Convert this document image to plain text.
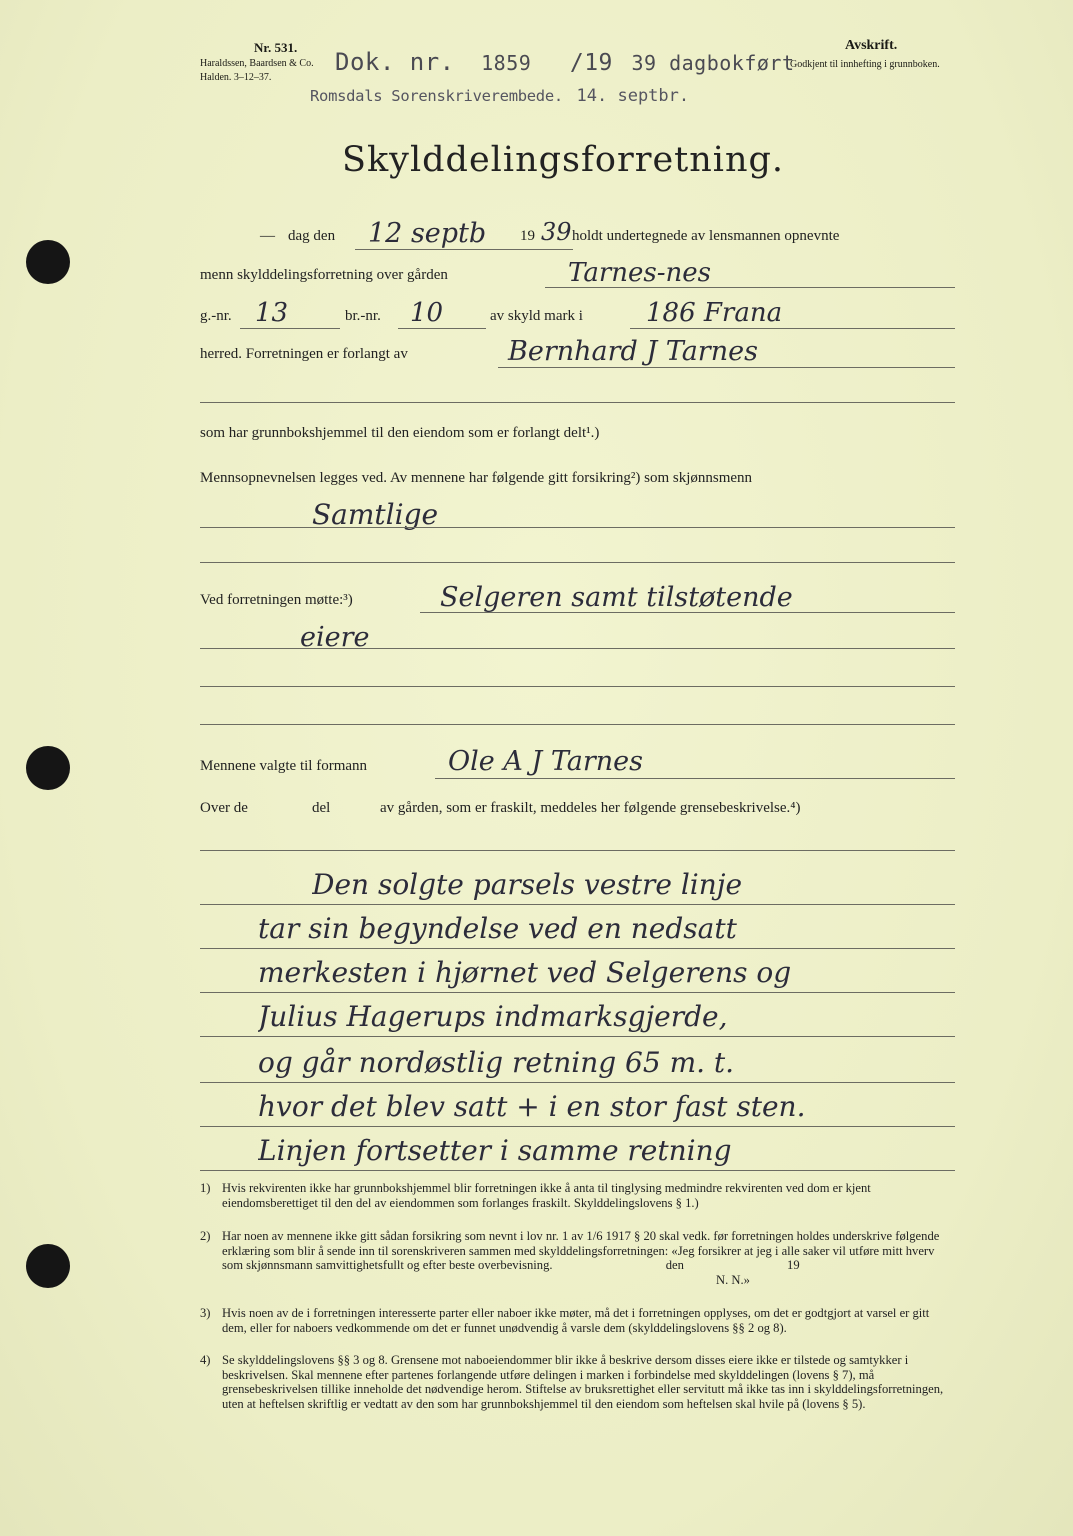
Nr. 531.
Haraldssen, Baardsen & Co.
Halden. 3–12–37.
Avskrift.
Godkjent til innhefting i grunnboken.
Dok. nr. 1859 /19 39 dagbokført
Romsdals Sorenskriverembede. 14. septbr.
Skylddelingsforretning.
— dag den 12 septb 19 39 holdt undertegnede av lensmannen opnevnte
menn skylddelingsforretning over gården	Tarnes-nes
g.-nr. 13	br.-nr. 10	av skyld mark i 186 Frana
herred. Forretningen er forlangt av	Bernhard J Tarnes
som har grunnbokshjemmel til den eiendom som er forlangt delt¹.)
Mennsopnevnelsen legges ved. Av mennene har følgende gitt forsikring²) som skjønnsmenn
Samtlige
Ved forretningen møtte:³)	Selgeren samt tilstøtende
eiere
Mennene valgte til formann	Ole A J Tarnes
Over de	del	av gården, som er fraskilt, meddeles her følgende grensebeskrivelse.⁴)
Den solgte parsels vestre linje
tar sin begyndelse ved en nedsatt
merkesten i hjørnet ved Selgerens og
Julius Hagerups indmarksgjerde,
og går nordøstlig retning 65 m. t.
hvor det blev satt + i en stor fast sten.
Linjen fortsetter i samme retning
1) Hvis rekvirenten ikke har grunnbokshjemmel blir forretningen ikke å anta til tinglysing medmindre rekvirenten ved dom er kjent eiendomsberettiget til den del av eiendommen som forlanges fraskilt. Skylddelingslovens § 1.)
2) Har noen av mennene ikke gitt sådan forsikring som nevnt i lov nr. 1 av 1/6 1917 § 20 skal vedk. før forretningen holdes underskrive følgende erklæring som blir å sende inn til sorenskriveren sammen med skylddelingsforretningen: «Jeg forsikrer at jeg i alle saker vil utføre mitt hverv som skjønnsmann samvittighetsfullt og efter beste overbevisning.	den	19
N. N.»
3) Hvis noen av de i forretningen interesserte parter eller naboer ikke møter, må det i forretningen opplyses, om det er godtgjort at varsel er gitt dem, eller for naboers vedkommende om det er funnet unødvendig å varsle dem (skylddelingslovens §§ 2 og 8).
4) Se skylddelingslovens §§ 3 og 8. Grensene mot naboeiendommer blir ikke å beskrive dersom disses eiere ikke er tilstede og samtykker i beskrivelsen. Skal mennene efter partenes forlangende utføre delingen i marken i forbindelse med skylddelingen (lovens § 7), må grensebeskrivelsen tillike inneholde det nødvendige herom. Stiftelse av bruksrettighet eller servitutt må ikke tas inn i skylddelingsforretningen, uten at heftelsen skriftlig er vedtatt av den som har grunnbokshjemmel til den eiendom som heftelsen skal hvile på (lovens § 5).
